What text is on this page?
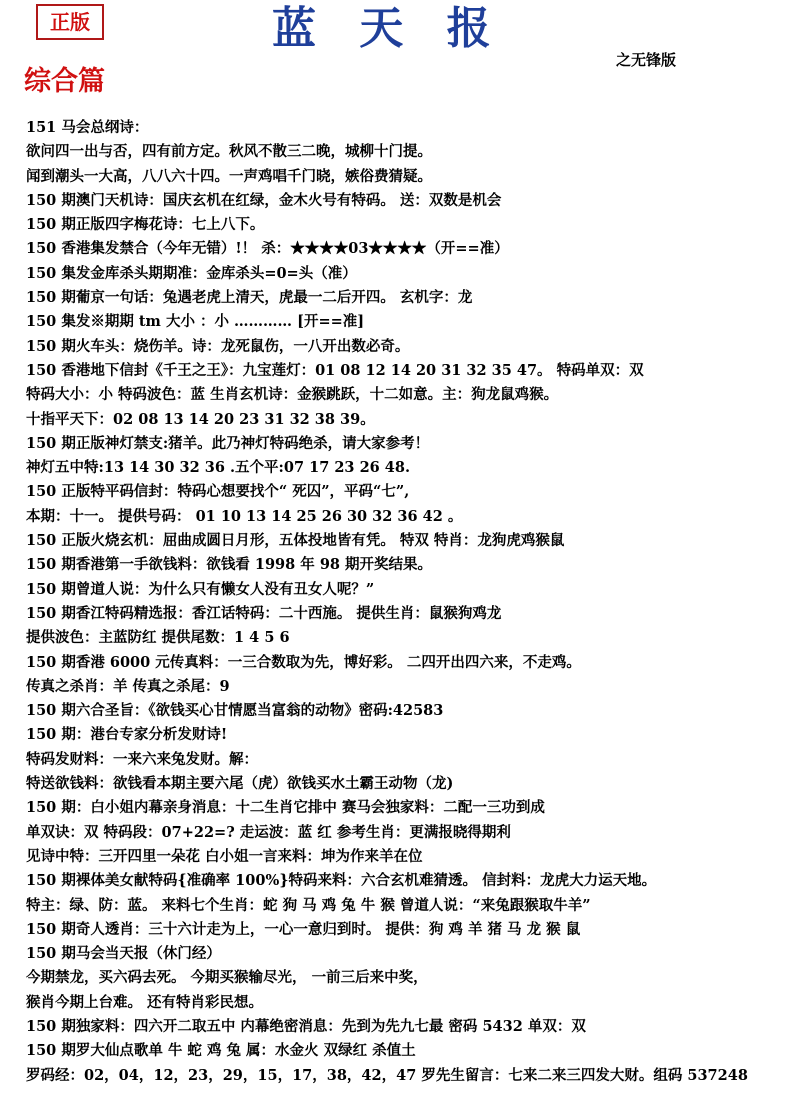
正版	蓝 天 报
之无锋版
综合篇
151 马会总纲诗：
欲问四一出与否，四有前方定。秋风不散三二晚，城柳十门提。
闻到潮头一大高，八八六十四。一声鸡唱千门晓，嫉俗费猜疑。
150 期澳门天机诗：国庆玄机在红绿，金木火号有特码。 送：双数是机会
150 期正版四字梅花诗：七上八下。
150 香港集发禁合（今年无错）!！ 杀：★★★★03★★★★（开==准）
150 集发金库杀头期期准：金库杀头=0=头（准）
150 期葡京一句话：兔遇老虎上清天，虎最一二后开四。 玄机字：龙
150 集发※期期 tm 大小 ：小 ………… [开==准]
150 期火车头：烧伤羊。诗：龙死鼠伤，一八开出数必奇。
150 香港地下信封《千王之王》：九宝莲灯：01 08 12 14 20 31 32 35 47。 特码单双：双
特码大小：小 特码波色：蓝 生肖玄机诗：金猴跳跃，十二如意。主：狗龙鼠鸡猴。
十指平天下：02 08 13 14 20 23 31 32 38 39。
150 期正版神灯禁支:猪羊。此乃神灯特码绝杀，请大家参考！
神灯五中特:13 14 30 32 36 .五个平:07 17 23 26 48.
150 正版特平码信封：特码心想要找个“ 死囚”，平码“七”,
本期：十一。 提供号码： 01 10 13 14 25 26 30 32 36 42 。
150 正版火烧玄机：屈曲成圆日月形，五体投地皆有凭。 特双 特肖：龙狗虎鸡猴鼠
150 期香港第一手欲钱料：欲钱看 1998 年 98 期开奖结果。
150 期曾道人说：为什么只有懒女人没有丑女人呢？”
150 期香江特码精选报：香江话特码：二十西施。 提供生肖：鼠猴狗鸡龙
提供波色：主蓝防红 提供尾数：1 4 5 6
150 期香港 6000 元传真料：一三合数取为先，博好彩。 二四开出四六来，不走鸡。
传真之杀肖：羊 传真之杀尾：9
150 期六合圣旨：《欲钱买心甘情愿当富翁的动物》密码:42583
150 期：港台专家分析发财诗!
特码发财料：一来六来兔发财。解：
特送欲钱料：欲钱看本期主要六尾（虎）欲钱买水土霸王动物（龙)
150 期：白小姐内幕亲身消息：十二生肖它排中 赛马会独家料：二配一三功到成
单双诀：双 特码段：07+22=? 走运波：蓝 红 参考生肖：更满报晓得期利
见诗中特：三开四里一朵花 白小姐一言来料：坤为作来羊在位
150 期裸体美女献特码{准确率 100%}特码来料：六合玄机难猜透。 信封料：龙虎大力运天地。
特主：绿、防：蓝。 来料七个生肖：蛇 狗 马 鸡 兔 牛 猴 曾道人说：“来兔跟猴取牛羊”
150 期奇人透肖：三十六计走为上，一心一意归到时。 提供：狗 鸡 羊 猪 马 龙 猴 鼠
150 期马会当天报（休门经）
今期禁龙，买六码去死。 今期买猴输尽光， 一前三后来中奖，
猴肖今期上台难。 还有特肖彩民想。
150 期独家料：四六开二取五中 内幕绝密消息：先到为先九七最 密码 5432 单双：双
150 期罗大仙点歌单 牛 蛇 鸡 兔 属：水金火 双绿红 杀值土
罗码经：02，04，12，23，29，15，17，38，42，47 罗先生留言：七来二来三四发大财。组码 537248
